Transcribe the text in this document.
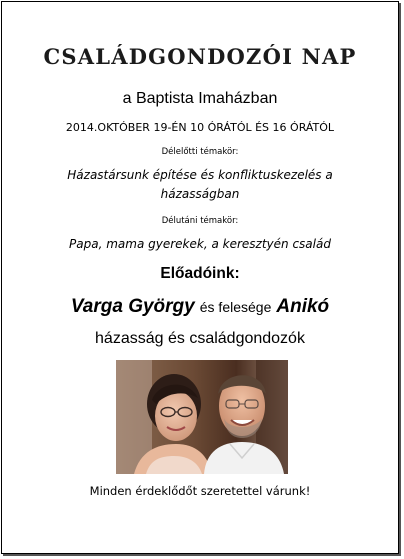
CSALÁDGONDOZÓI NAP
a Baptista Imaházban
2014.OKTÓBER 19-ÉN 10 ÓRÁTÓL ÉS 16 ÓRÁTÓL
Délelőtti témakör:
Házastársunk építése és konfliktuskezelés a házasságban
Délutáni témakör:
Papa, mama gyerekek, a keresztyén család
Előadóink:
Varga György és felesége Anikó
házasság és családgondozók
Minden érdeklődőt szeretettel várunk!
